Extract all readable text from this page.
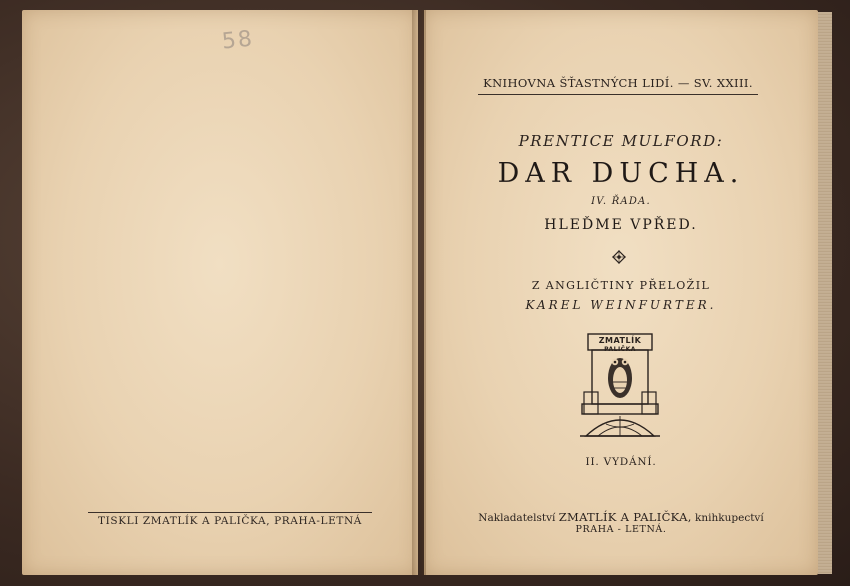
58
TISKLI ZMATLÍK A PALIČKA, PRAHA-LETNÁ
KNIHOVNA ŠŤASTNÝCH LIDÍ. — SV. XXIII.
PRENTICE MULFORD:
DAR DUCHA.
IV. ŘADA.
HLEĎME VPŘED.
Z ANGLIČTINY PŘELOŽIL
KAREL WEINFURTER.
ZMATLÍK
PALIČKA
II. VYDÁNÍ.
Nakladatelství ZMATLÍK A PALIČKA, knihkupectví
PRAHA - LETNÁ.
